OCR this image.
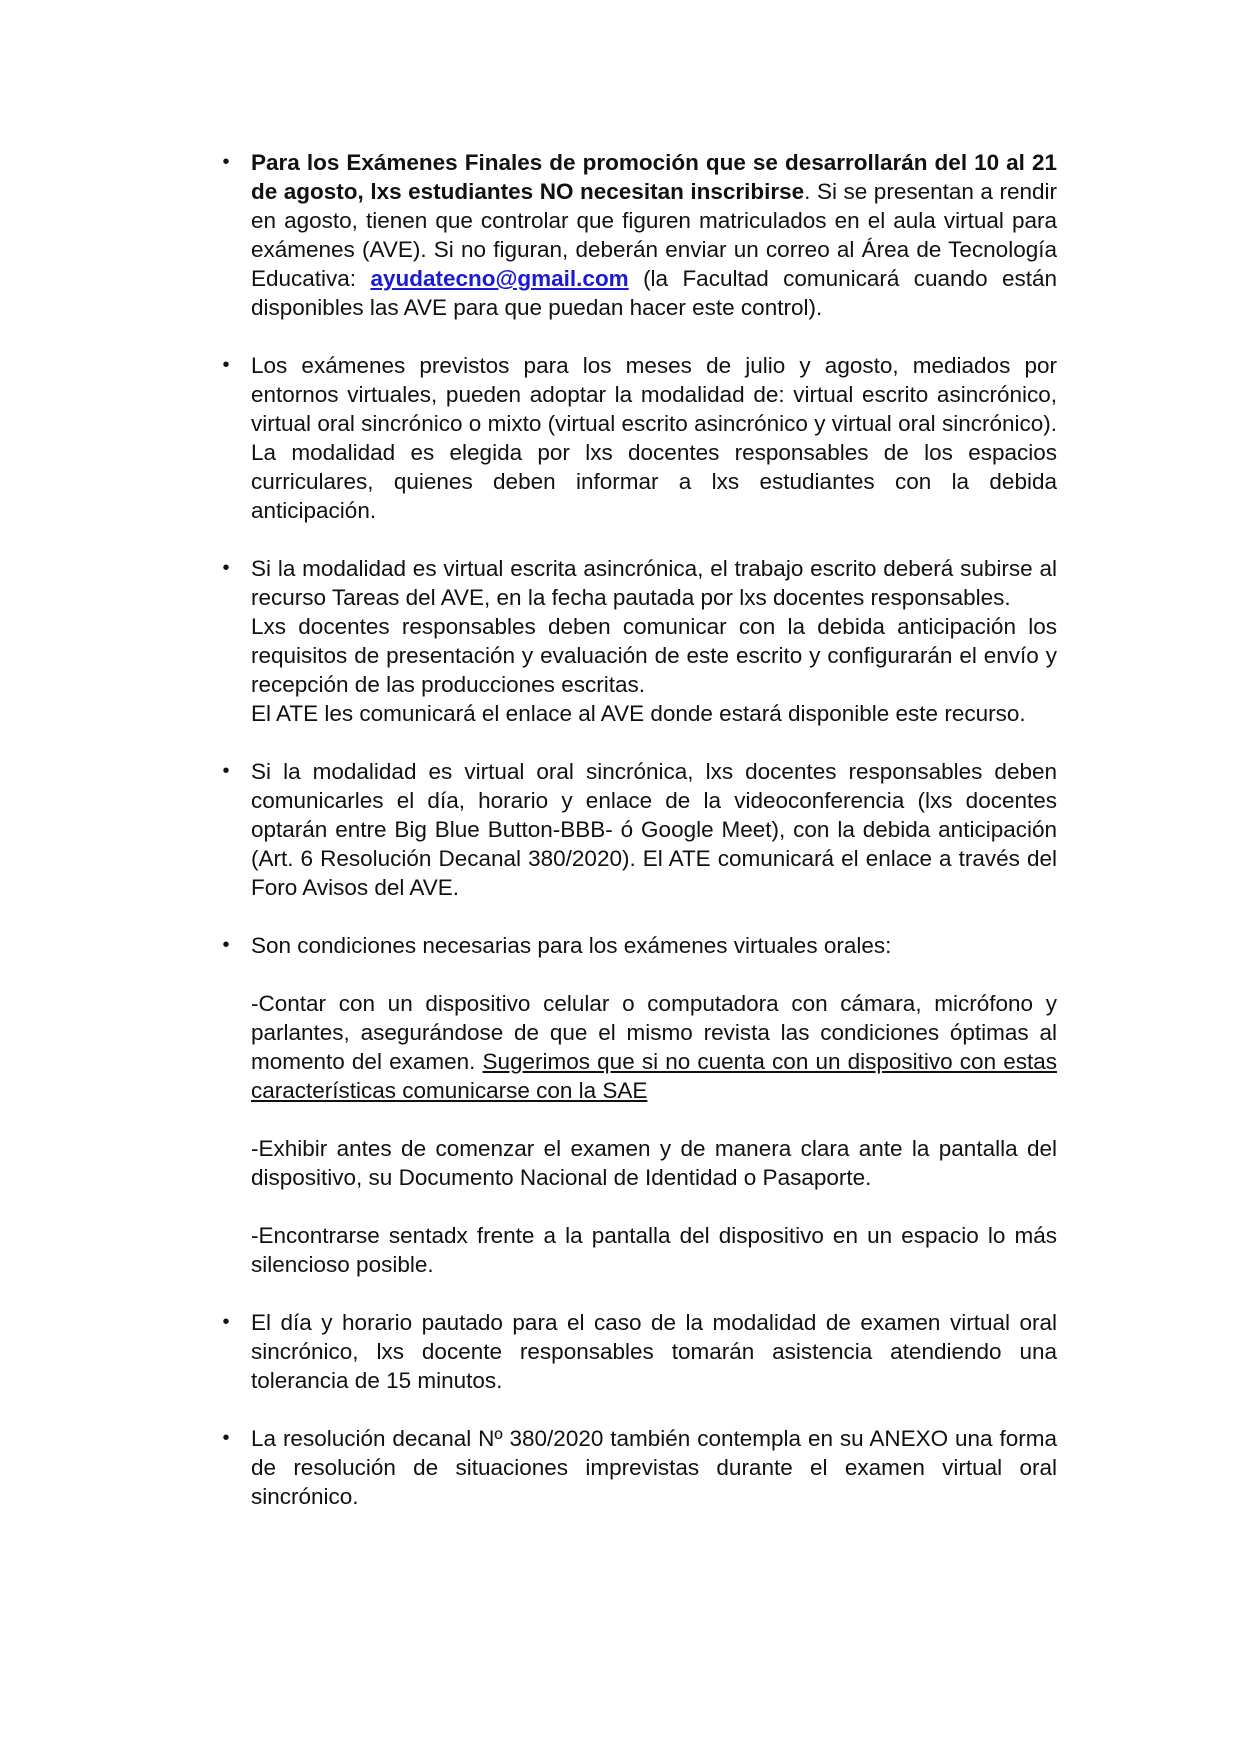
• Para los Exámenes Finales de promoción que se desarrollarán del 10 al 21 de agosto, lxs estudiantes NO necesitan inscribirse. Si se presentan a rendir en agosto, tienen que controlar que figuren matriculados en el aula virtual para exámenes (AVE). Si no figuran, deberán enviar un correo al Área de Tecnología Educativa: ayudatecno@gmail.com (la Facultad comunicará cuando están disponibles las AVE para que puedan hacer este control).

• Los exámenes previstos para los meses de julio y agosto, mediados por entornos virtuales, pueden adoptar la modalidad de: virtual escrito asincrónico, virtual oral sincrónico o mixto (virtual escrito asincrónico y virtual oral sincrónico). La modalidad es elegida por lxs docentes responsables de los espacios curriculares, quienes deben informar a lxs estudiantes con la debida anticipación.

• Si la modalidad es virtual escrita asincrónica, el trabajo escrito deberá subirse al recurso Tareas del AVE, en la fecha pautada por lxs docentes responsables.

Lxs docentes responsables deben comunicar con la debida anticipación los requisitos de presentación y evaluación de este escrito y configurarán el envío y recepción de las producciones escritas.

El ATE les comunicará el enlace al AVE donde estará disponible este recurso.

• Si la modalidad es virtual oral sincrónica, lxs docentes responsables deben comunicarles el día, horario y enlace de la videoconferencia (lxs docentes optarán entre Big Blue Button-BBB- ó Google Meet), con la debida anticipación (Art. 6 Resolución Decanal 380/2020). El ATE comunicará el enlace a través del Foro Avisos del AVE.

• Son condiciones necesarias para los exámenes virtuales orales:

-Contar con un dispositivo celular o computadora con cámara, micrófono y parlantes, asegurándose de que el mismo revista las condiciones óptimas al momento del examen. Sugerimos que si no cuenta con un dispositivo con estas características comunicarse con la SAE

-Exhibir antes de comenzar el examen y de manera clara ante la pantalla del dispositivo, su Documento Nacional de Identidad o Pasaporte.

-Encontrarse sentadx frente a la pantalla del dispositivo en un espacio lo más silencioso posible.

• El día y horario pautado para el caso de la modalidad de examen virtual oral sincrónico, lxs docente responsables tomarán asistencia atendiendo una tolerancia de 15 minutos.

• La resolución decanal Nº 380/2020 también contempla en su ANEXO una forma de resolución de situaciones imprevistas durante el examen virtual oral sincrónico.
